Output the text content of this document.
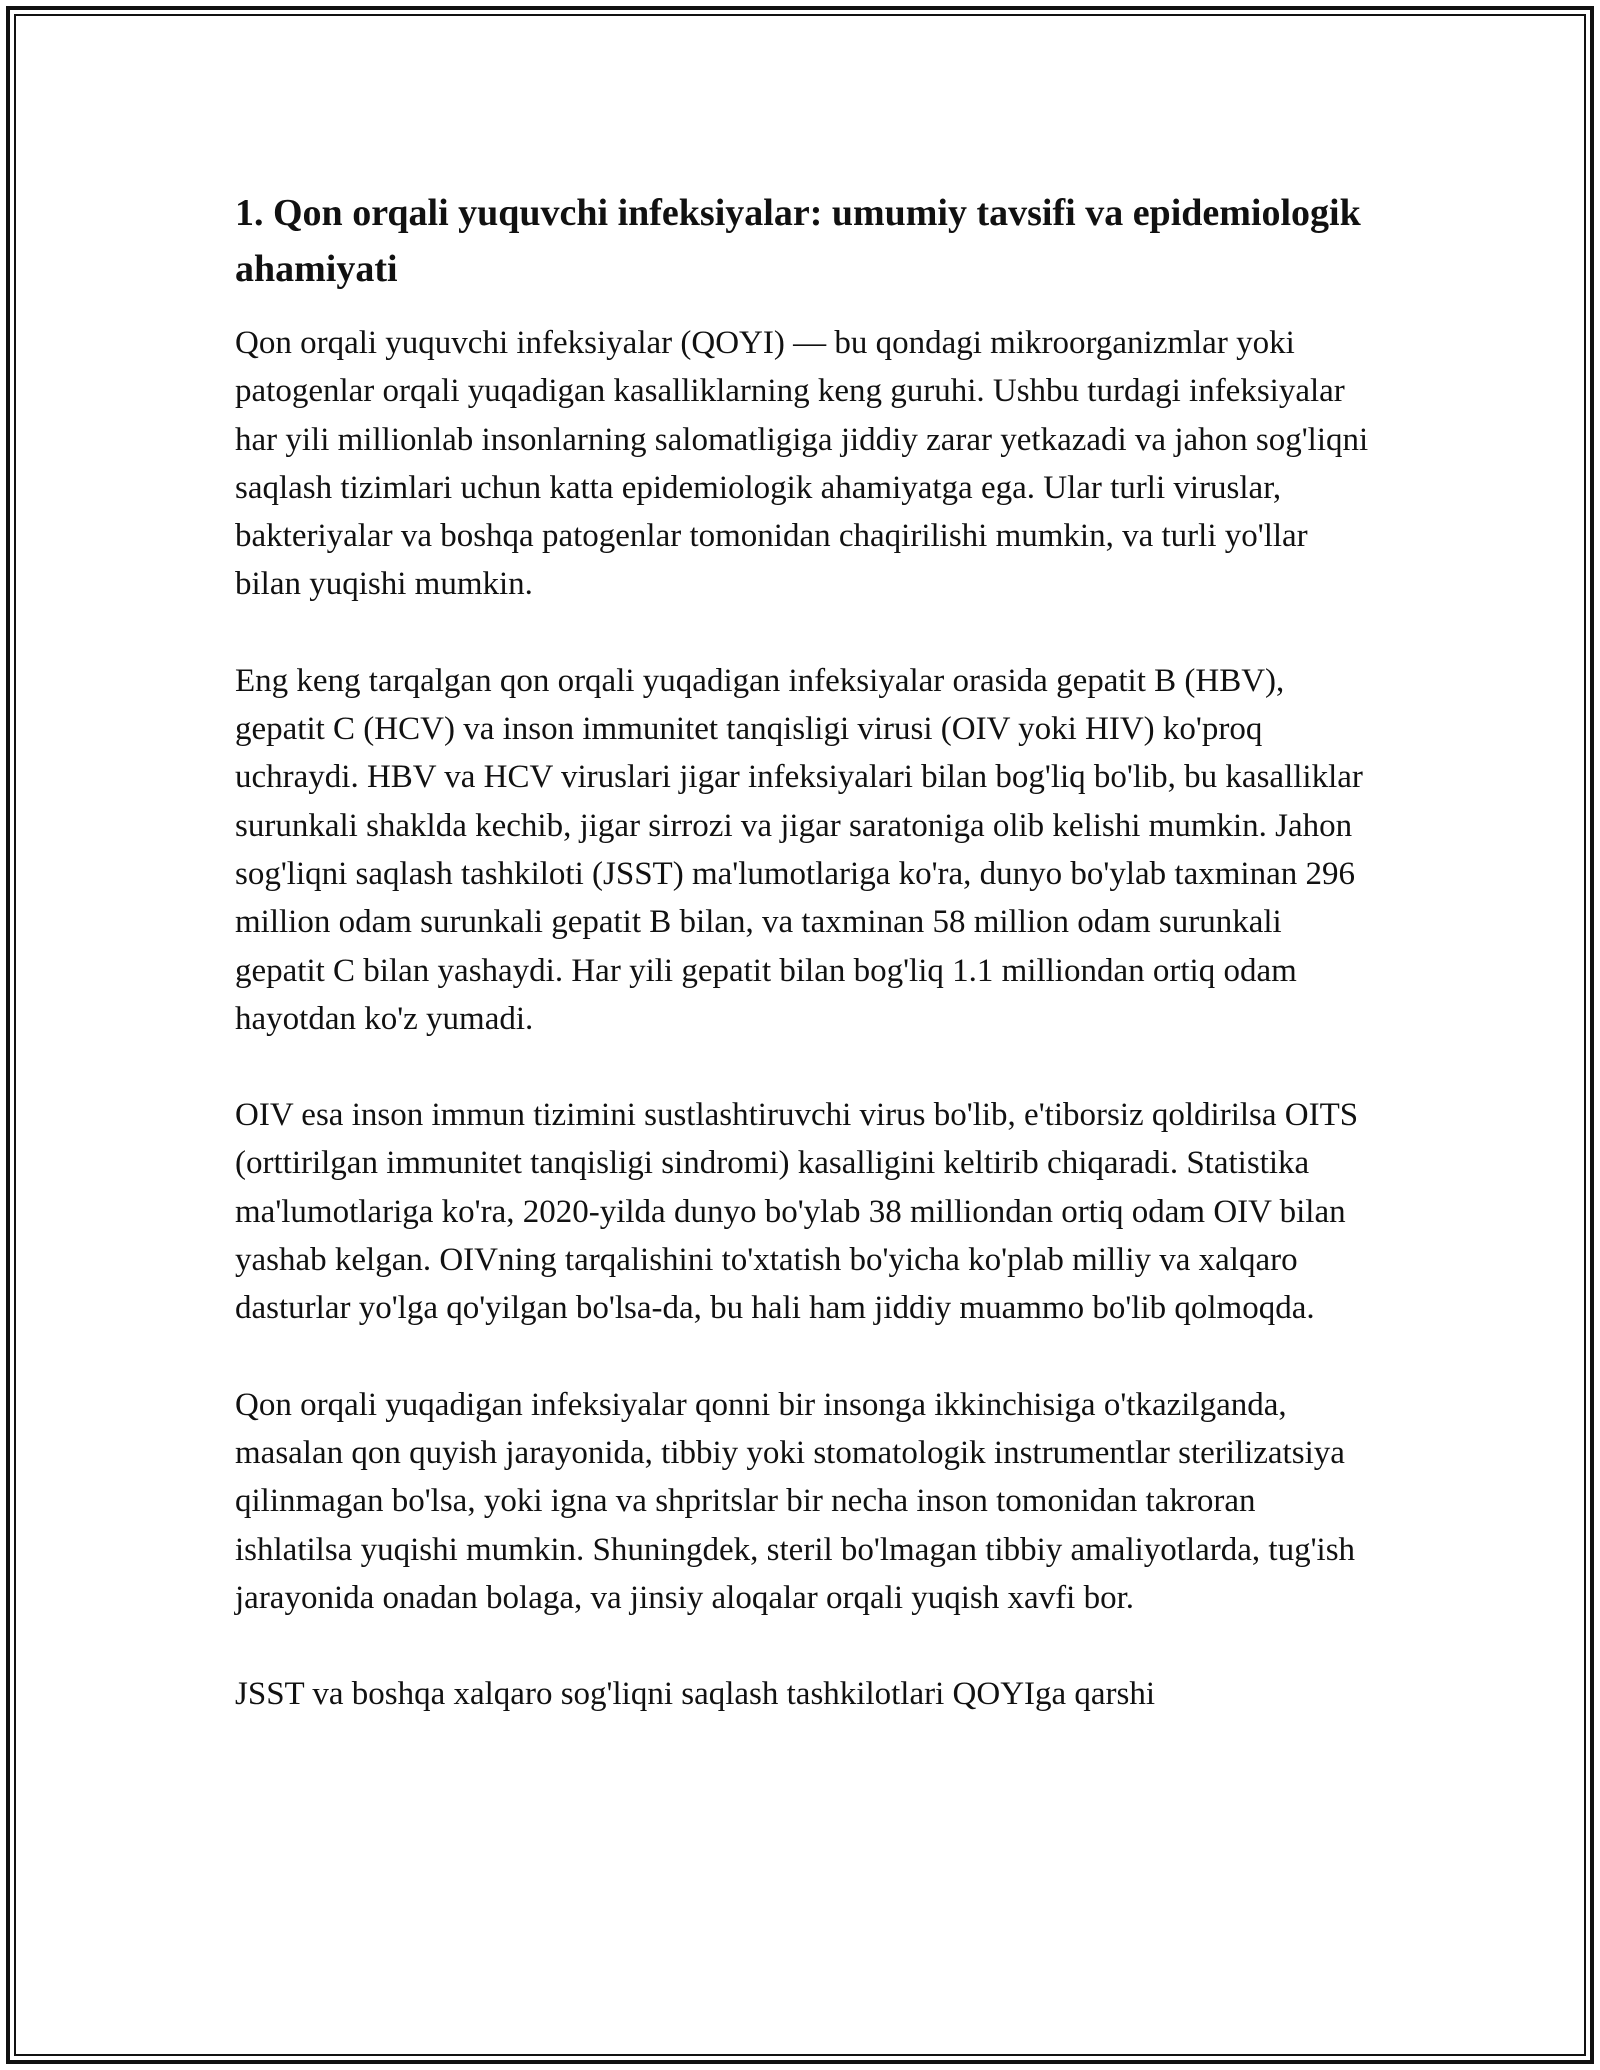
1. Qon orqali yuquvchi infeksiyalar: umumiy tavsifi va epidemiologik ahamiyati

Qon orqali yuquvchi infeksiyalar (QOYI) — bu qondagi mikroorganizmlar yoki patogenlar orqali yuqadigan kasalliklarning keng guruhi. Ushbu turdagi infeksiyalar har yili millionlab insonlarning salomatligiga jiddiy zarar yetkazadi va jahon sog'liqni saqlash tizimlari uchun katta epidemiologik ahamiyatga ega. Ular turli viruslar, bakteriyalar va boshqa patogenlar tomonidan chaqirilishi mumkin, va turli yo'llar bilan yuqishi mumkin.

Eng keng tarqalgan qon orqali yuqadigan infeksiyalar orasida gepatit B (HBV), gepatit C (HCV) va inson immunitet tanqisligi virusi (OIV yoki HIV) ko'proq uchraydi. HBV va HCV viruslari jigar infeksiyalari bilan bog'liq bo'lib, bu kasalliklar surunkali shaklda kechib, jigar sirrozi va jigar saratoniga olib kelishi mumkin. Jahon sog'liqni saqlash tashkiloti (JSST) ma'lumotlariga ko'ra, dunyo bo'ylab taxminan 296 million odam surunkali gepatit B bilan, va taxminan 58 million odam surunkali gepatit C bilan yashaydi. Har yili gepatit bilan bog'liq 1.1 milliondan ortiq odam hayotdan ko'z yumadi.

OIV esa inson immun tizimini sustlashtiruvchi virus bo'lib, e'tiborsiz qoldirilsa OITS (orttirilgan immunitet tanqisligi sindromi) kasalligini keltirib chiqaradi. Statistika ma'lumotlariga ko'ra, 2020-yilda dunyo bo'ylab 38 milliondan ortiq odam OIV bilan yashab kelgan. OIVning tarqalishini to'xtatish bo'yicha ko'plab milliy va xalqaro dasturlar yo'lga qo'yilgan bo'lsa-da, bu hali ham jiddiy muammo bo'lib qolmoqda.

Qon orqali yuqadigan infeksiyalar qonni bir insonga ikkinchisiga o'tkazilganda, masalan qon quyish jarayonida, tibbiy yoki stomatologik instrumentlar sterilizatsiya qilinmagan bo'lsa, yoki igna va shpritslar bir necha inson tomonidan takroran ishlatilsa yuqishi mumkin. Shuningdek, steril bo'lmagan tibbiy amaliyotlarda, tug'ish jarayonida onadan bolaga, va jinsiy aloqalar orqali yuqish xavfi bor.

JSST va boshqa xalqaro sog'liqni saqlash tashkilotlari QOYIga qarshi
